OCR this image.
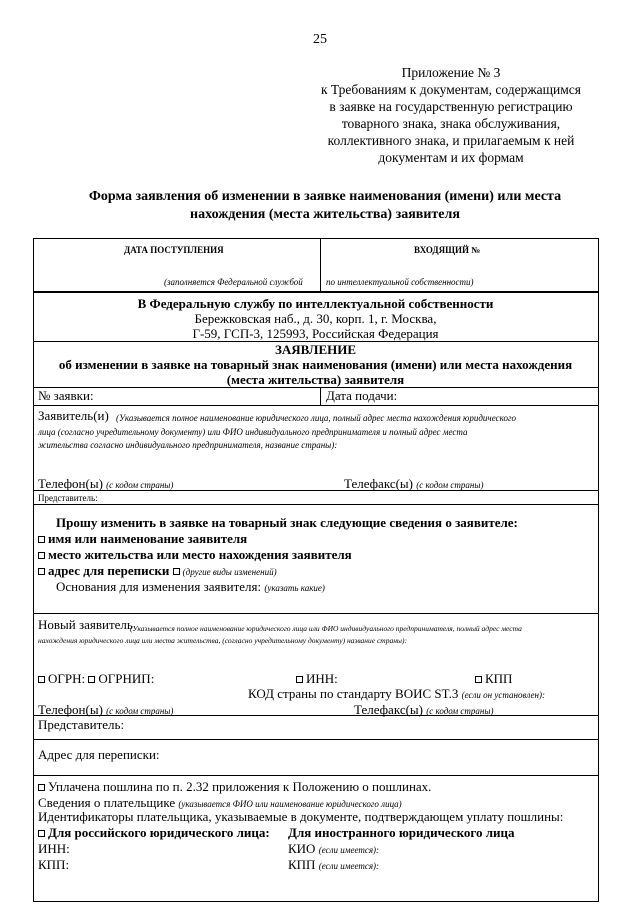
25
Приложение № 3
к Требованиям к документам, содержащимся
в заявке на государственную регистрацию
товарного знака, знака обслуживания,
коллективного знака, и прилагаемым к ней
документам и их формам
Форма заявления об изменении в заявке наименования (имени) или места
нахождения (места жительства) заявителя
ДАТА ПОСТУПЛЕНИЯ	ВХОДЯЩИЙ №
(заполняется Федеральной службой	по интеллектуальной собственности)
В Федеральную службу по интеллектуальной собственности
Бережковская наб., д. 30, корп. 1, г. Москва,
Г-59, ГСП-3, 125993, Российская Федерация
ЗАЯВЛЕНИЕ
об изменении в заявке на товарный знак наименования (имени) или места нахождения
(места жительства) заявителя
№ заявки:	Дата подачи:
Заявитель(и) (Указывается полное наименование юридического лица, полный адрес места нахождения юридического
лица (согласно учредительному документу) или ФИО индивидуального предпринимателя и полный адрес места
жительства согласно индивидуального предпринимателя, название страны):
Телефон(ы) (с кодом страны)	Телефакс(ы) (с кодом страны)
Представитель:
Прошу изменить в заявке на товарный знак следующие сведения о заявителе:
имя или наименование заявителя
место жительства или место нахождения заявителя
адрес для переписки (другие виды изменений)
Основания для изменения заявителя: (указать какие)
Новый заявитель
(Указывается полное наименование юридического лица или ФИО индивидуального предпринимателя, полный адрес места
нахождения юридического лица или места жительства, (согласно учредительному документу) название страны):
ОГРН: ОГРНИП:	ИНН:	КПП
КОД страны по стандарту ВОИС ST.3 (если он установлен):
Телефон(ы) (с кодом страны)	Телефакс(ы) (с кодом страны)
Представитель:
Адрес для переписки:
Уплачена пошлина по п. 2.32 приложения к Положению о пошлинах.
Сведения о плательщике (указывается ФИО или наименование юридического лица)
Идентификаторы плательщика, указываемые в документе, подтверждающем уплату пошлины:
Для российского юридического лица: Для иностранного юридического лица
ИНН:	КИО (если имеется):
КПП:	КПП (если имеется):
